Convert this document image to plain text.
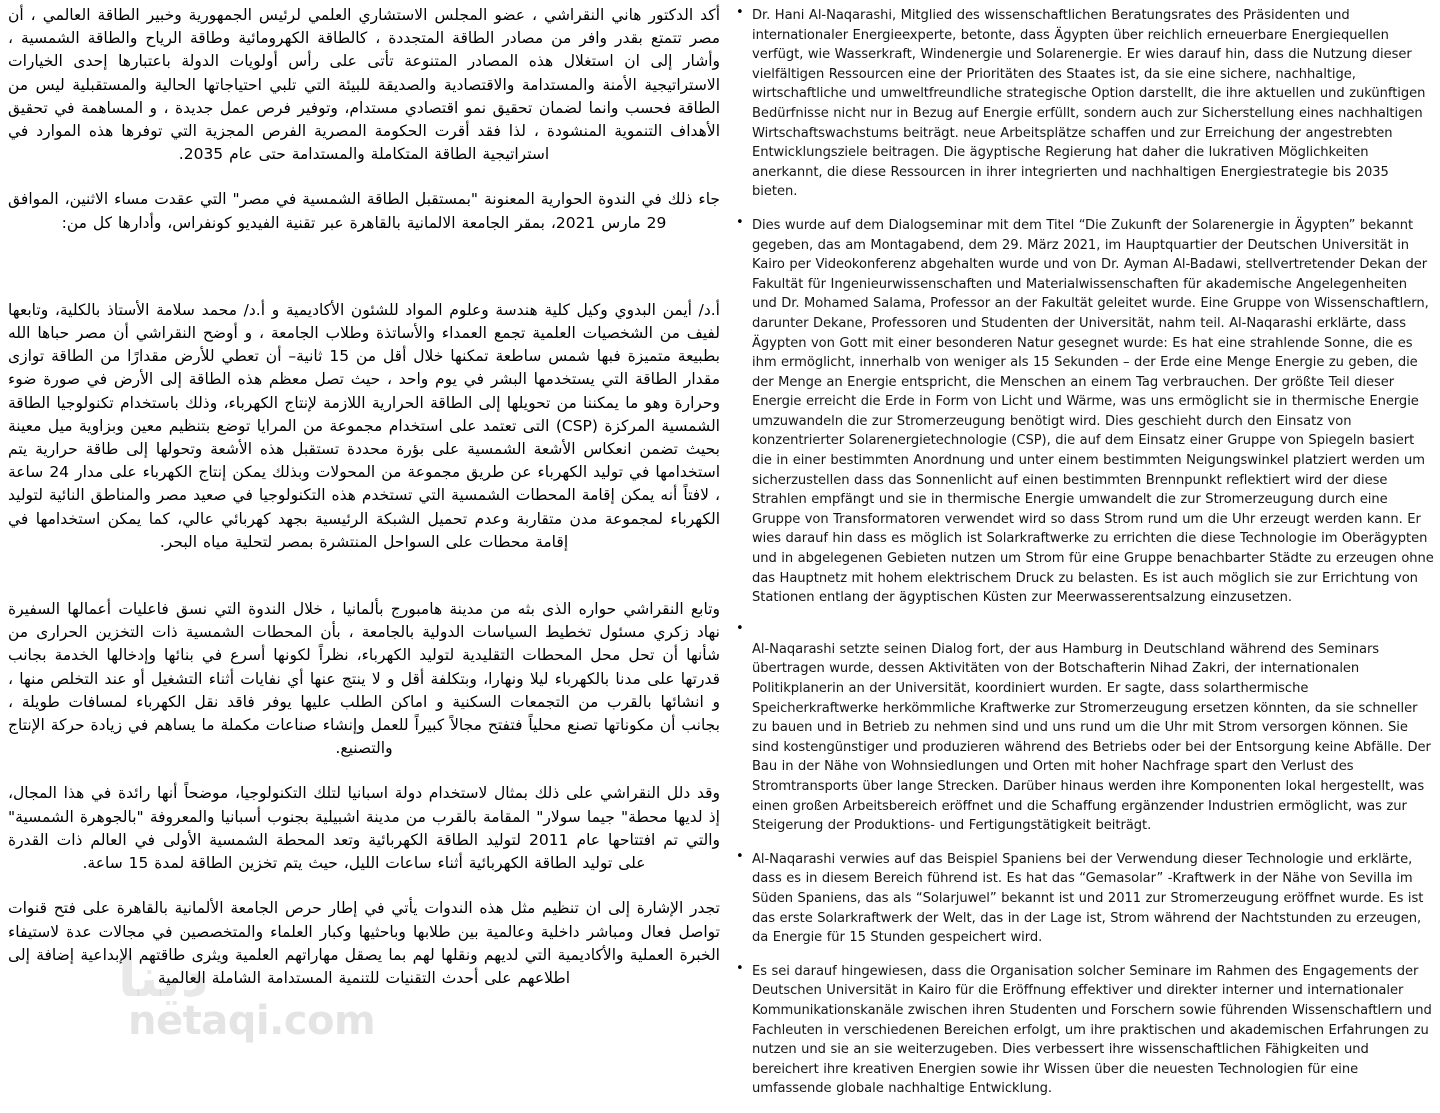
أكد الدكتور هاني النقراشي ، عضو المجلس الاستشاري العلمي لرئيس الجمهورية وخبير الطاقة العالمي ، أن مصر تتمتع بقدر وافر من مصادر الطاقة المتجددة ، كالطاقة الكهرومائية وطاقة الرياح والطاقة الشمسية ، وأشار إلى ان استغلال هذه المصادر المتنوعة تأتى على رأس أولويات الدولة باعتبارها إحدى الخيارات الاستراتيجية الأمنة والمستدامة والاقتصادية والصديقة للبيئة التي تلبي احتياجاتها الحالية والمستقبلية ليس من الطاقة فحسب وانما لضمان تحقيق نمو اقتصادي مستدام، وتوفير فرص عمل جديدة ، و المساهمة في تحقيق الأهداف التنموية المنشودة ، لذا فقد أقرت الحكومة المصرية الفرص المجزية التي توفرها هذه الموارد في استراتيجية الطاقة المتكاملة والمستدامة حتى عام 2035.

جاء ذلك في الندوة الحوارية المعنونة "بمستقبل الطاقة الشمسية في مصر" التي عقدت مساء الاثنين، الموافق 29 مارس 2021، بمقر الجامعة الالمانية بالقاهرة عبر تقنية الفيديو كونفراس، وأدارها كل من:

أ.د/ أيمن البدوي وكيل كلية هندسة وعلوم المواد للشئون الأكاديمية و أ.د/ محمد سلامة الأستاذ بالكلية، وتابعها لفيف من الشخصيات العلمية تجمع العمداء والأساتذة وطلاب الجامعة ، و أوضح النقراشي أن مصر حباها الله بطبيعة متميزة فبها شمس ساطعة تمكنها خلال أقل من 15 ثانية– أن تعطي للأرض مقدارًا من الطاقة توازى مقدار الطاقة التي يستخدمها البشر في يوم واحد ، حيث تصل معظم هذه الطاقة إلى الأرض في صورة ضوء وحرارة وهو ما يمكننا من تحويلها إلى الطاقة الحرارية اللازمة لإنتاج الكهرباء، وذلك باستخدام تكنولوجيا الطاقة الشمسية المركزة (CSP) التى تعتمد على استخدام مجموعة من المرايا توضع بتنظيم معين وبزاوية ميل معينة بحيث تضمن انعكاس الأشعة الشمسية على بؤرة محددة تستقبل هذه الأشعة وتحولها إلى طاقة حرارية يتم استخدامها في توليد الكهرباء عن طريق مجموعة من المحولات وبذلك يمكن إنتاج الكهرباء على مدار 24 ساعة ، لافتاً أنه يمكن إقامة المحطات الشمسية التي تستخدم هذه التكنولوجيا في صعيد مصر والمناطق النائية لتوليد الكهرباء لمجموعة مدن متقاربة وعدم تحميل الشبكة الرئيسية بجهد كهربائي عالي، كما يمكن استخدامها في إقامة محطات على السواحل المنتشرة بمصر لتحلية مياه البحر.

وتابع النقراشي حواره الذى بثه من مدينة هامبورج بألمانيا ، خلال الندوة التي نسق فاعليات أعمالها السفيرة نهاد زكري مسئول تخطيط السياسات الدولية بالجامعة ، بأن المحطات الشمسية ذات التخزين الحرارى من شأنها أن تحل محل المحطات التقليدية لتوليد الكهرباء، نظراً لكونها أسرع في بنائها وإدخالها الخدمة بجانب قدرتها على مدنا بالكهرباء ليلا ونهارا، وبتكلفة أقل و لا ينتج عنها أي نفايات أثناء التشغيل أو عند التخلص منها ، و انشائها بالقرب من التجمعات السكنية و اماكن الطلب عليها يوفر فاقد نقل الكهرباء لمسافات طويلة ، بجانب أن مكوناتها تصنع محلياً فتفتح مجالاً كبيراً للعمل وإنشاء صناعات مكملة ما يساهم في زيادة حركة الإنتاج والتصنيع.

وقد دلل النقراشي على ذلك بمثال لاستخدام دولة اسبانيا لتلك التكنولوجيا، موضحاً أنها رائدة في هذا المجال، إذ لديها محطة" جيما سولار" المقامة بالقرب من مدينة اشبيلية بجنوب أسبانيا والمعروفة "بالجوهرة الشمسية" والتي تم افتتاحها عام 2011 لتوليد الطاقة الكهربائية وتعد المحطة الشمسية الأولى في العالم ذات القدرة على توليد الطاقة الكهربائية أثناء ساعات الليل، حيث يتم تخزين الطاقة لمدة 15 ساعة.

تجدر الإشارة إلى ان تنظيم مثل هذه الندوات يأتي في إطار حرص الجامعة الألمانية بالقاهرة على فتح قنوات تواصل فعال ومباشر داخلية وعالمية بين طلابها وباحثيها وكبار العلماء والمتخصصين في مجالات عدة لاستيفاء الخبرة العملية والأكاديمية التي لديهم ونقلها لهم بما يصقل مهاراتهم العلمية ويثرى طاقتهم الإبداعية إضافة إلى اطلاعهم على أحدث التقنيات للتنمية المستدامة الشاملة العالمية

• Dr. Hani Al-Naqarashi, Mitglied des wissenschaftlichen Beratungsrates des Präsidenten und internationaler Energieexperte, betonte, dass Ägypten über reichlich erneuerbare Energiequellen verfügt, wie Wasserkraft, Windenergie und Solarenergie. Er wies darauf hin, dass die Nutzung dieser vielfältigen Ressourcen eine der Prioritäten des Staates ist, da sie eine sichere, nachhaltige, wirtschaftliche und umweltfreundliche strategische Option darstellt, die ihre aktuellen und zukünftigen Bedürfnisse nicht nur in Bezug auf Energie erfüllt, sondern auch zur Sicherstellung eines nachhaltigen Wirtschaftswachstums beiträgt. neue Arbeitsplätze schaffen und zur Erreichung der angestrebten Entwicklungsziele beitragen. Die ägyptische Regierung hat daher die lukrativen Möglichkeiten anerkannt, die diese Ressourcen in ihrer integrierten und nachhaltigen Energiestrategie bis 2035 bieten.

• Dies wurde auf dem Dialogseminar mit dem Titel “Die Zukunft der Solarenergie in Ägypten” bekannt gegeben, das am Montagabend, dem 29. März 2021, im Hauptquartier der Deutschen Universität in Kairo per Videokonferenz abgehalten wurde und von Dr. Ayman Al-Badawi, stellvertretender Dekan der Fakultät für Ingenieurwissenschaften und Materialwissenschaften für akademische Angelegenheiten und Dr. Mohamed Salama, Professor an der Fakultät geleitet wurde. Eine Gruppe von Wissenschaftlern, darunter Dekane, Professoren und Studenten der Universität, nahm teil. Al-Naqarashi erklärte, dass Ägypten von Gott mit einer besonderen Natur gesegnet wurde: Es hat eine strahlende Sonne, die es ihm ermöglicht, innerhalb von weniger als 15 Sekunden – der Erde eine Menge Energie zu geben, die der Menge an Energie entspricht, die Menschen an einem Tag verbrauchen. Der größte Teil dieser Energie erreicht die Erde in Form von Licht und Wärme, was uns ermöglicht sie in thermische Energie umzuwandeln die zur Stromerzeugung benötigt wird. Dies geschieht durch den Einsatz von konzentrierter Solarenergietechnologie (CSP), die auf dem Einsatz einer Gruppe von Spiegeln basiert die in einer bestimmten Anordnung und unter einem bestimmten Neigungswinkel platziert werden um sicherzustellen dass das Sonnenlicht auf einen bestimmten Brennpunkt reflektiert wird der diese Strahlen empfängt und sie in thermische Energie umwandelt die zur Stromerzeugung durch eine Gruppe von Transformatoren verwendet wird so dass Strom rund um die Uhr erzeugt werden kann. Er wies darauf hin dass es möglich ist Solarkraftwerke zu errichten die diese Technologie im Oberägypten und in abgelegenen Gebieten nutzen um Strom für eine Gruppe benachbarter Städte zu erzeugen ohne das Hauptnetz mit hohem elektrischem Druck zu belasten. Es ist auch möglich sie zur Errichtung von Stationen entlang der ägyptischen Küsten zur Meerwasserentsalzung einzusetzen.

•

Al-Naqarashi setzte seinen Dialog fort, der aus Hamburg in Deutschland während des Seminars übertragen wurde, dessen Aktivitäten von der Botschafterin Nihad Zakri, der internationalen Politikplanerin an der Universität, koordiniert wurden. Er sagte, dass solarthermische Speicherkraftwerke herkömmliche Kraftwerke zur Stromerzeugung ersetzen könnten, da sie schneller zu bauen und in Betrieb zu nehmen sind und uns rund um die Uhr mit Strom versorgen können. Sie sind kostengünstiger und produzieren während des Betriebs oder bei der Entsorgung keine Abfälle. Der Bau in der Nähe von Wohnsiedlungen und Orten mit hoher Nachfrage spart den Verlust des Stromtransports über lange Strecken. Darüber hinaus werden ihre Komponenten lokal hergestellt, was einen großen Arbeitsbereich eröffnet und die Schaffung ergänzender Industrien ermöglicht, was zur Steigerung der Produktions- und Fertigungstätigkeit beiträgt.

• Al-Naqarashi verwies auf das Beispiel Spaniens bei der Verwendung dieser Technologie und erklärte, dass es in diesem Bereich führend ist. Es hat das “Gemasolar” -Kraftwerk in der Nähe von Sevilla im Süden Spaniens, das als “Solarjuwel” bekannt ist und 2011 zur Stromerzeugung eröffnet wurde. Es ist das erste Solarkraftwerk der Welt, das in der Lage ist, Strom während der Nachtstunden zu erzeugen, da Energie für 15 Stunden gespeichert wird.

• Es sei darauf hingewiesen, dass die Organisation solcher Seminare im Rahmen des Engagements der Deutschen Universität in Kairo für die Eröffnung effektiver und direkter interner und internationaler Kommunikationskanäle zwischen ihren Studenten und Forschern sowie führenden Wissenschaftlern und Fachleuten in verschiedenen Bereichen erfolgt, um ihre praktischen und akademischen Erfahrungen zu nutzen und sie an sie weiterzugeben. Dies verbessert ihre wissenschaftlichen Fähigkeiten und bereichert ihre kreativen Energien sowie ihr Wissen über die neuesten Technologien für eine umfassende globale nachhaltige Entwicklung.

دينا
netaqi.com
